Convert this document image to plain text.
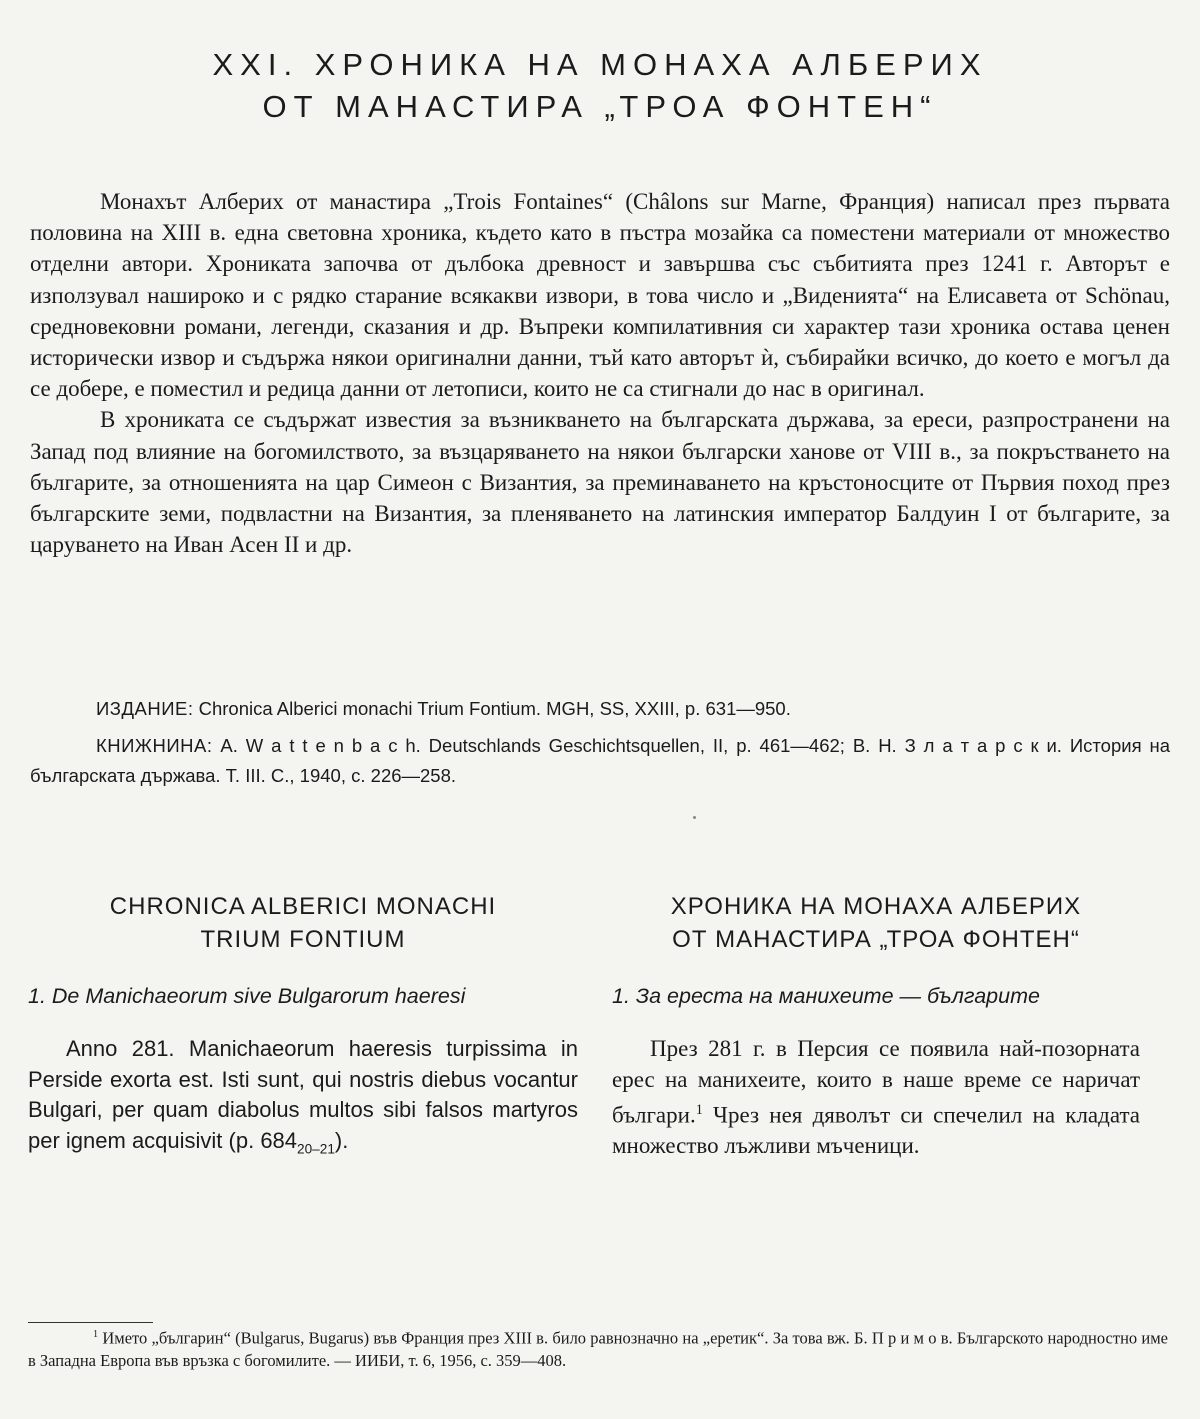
XXI. ХРОНИКА НА МОНАХА АЛБЕРИХ
ОТ МАНАСТИРА „ТРОА ФОНТЕН“

Монахът Алберих от манастира „Trois Fontaines“ (Châlons sur Marne, Франция) написал през първата половина на XIII в. една световна хроника, където като в пъстра мозайка са поместени материали от множество отделни автори. Хрониката започва от дълбока древност и завършва със събитията през 1241 г. Авторът е използувал нашироко и с рядко старание всякакви извори, в това число и „Виденията“ на Елисавета от Schönau, средновековни романи, легенди, сказания и др. Въпреки компилативния си характер тази хроника остава ценен исторически извор и съдържа някои оригинални данни, тъй като авторът ѝ, събирайки всичко, до което е могъл да се добере, е поместил и редица данни от летописи, които не са стигнали до нас в оригинал.

В хрониката се съдържат известия за възникването на българската държава, за ереси, разпространени на Запад под влияние на богомилството, за възцаряването на някои български ханове от VIII в., за покръстването на българите, за отношенията на цар Симеон с Византия, за преминаването на кръстоносците от Първия поход през българските земи, подвластни на Византия, за пленяването на латинския император Балдуин I от българите, за царуването на Иван Асен II и др.

ИЗДАНИЕ: Chronica Alberici monachi Trium Fontium. MGH, SS, XXIII, p. 631—950.

КНИЖНИНА: A. W a t t e n b a c h. Deutschlands Geschichtsquellen, II, p. 461—462; В. Н. З л а т а р с к и. История на българската държава. Т. III. С., 1940, с. 226—258.

CHRONICA ALBERICI MONACHI
TRIUM FONTIUM
ХРОНИКА НА МОНАХА АЛБЕРИХ
ОТ МАНАСТИРА „ТРОА ФОНТЕН“
1. De Manichaeorum sive Bulgarorum haeresi	1. За ереста на манихеите — българите

Anno 281. Manichaeorum haeresis turpissima in Perside exorta est. Isti sunt, qui nostris diebus vocantur Bulgari, per quam diabolus multos sibi falsos martyros per ignem acquisivit (p. $684_{20-21}$).

През 281 г. в Персия се появила най-позорната ерес на манихеите, които в наше време се наричат българи.$^1$ Чрез нея дяволът си спечелил на кладата множество лъжливи мъченици.

$^1$ Името „българин“ (Bulgarus, Bugarus) във Франция през XIII в. било равнозначно на „еретик“. За това вж. Б. П р и м о в. Българското народностно име в Западна Европа във връзка с богомилите. — ИИБИ, т. 6, 1956, с. 359—408.
